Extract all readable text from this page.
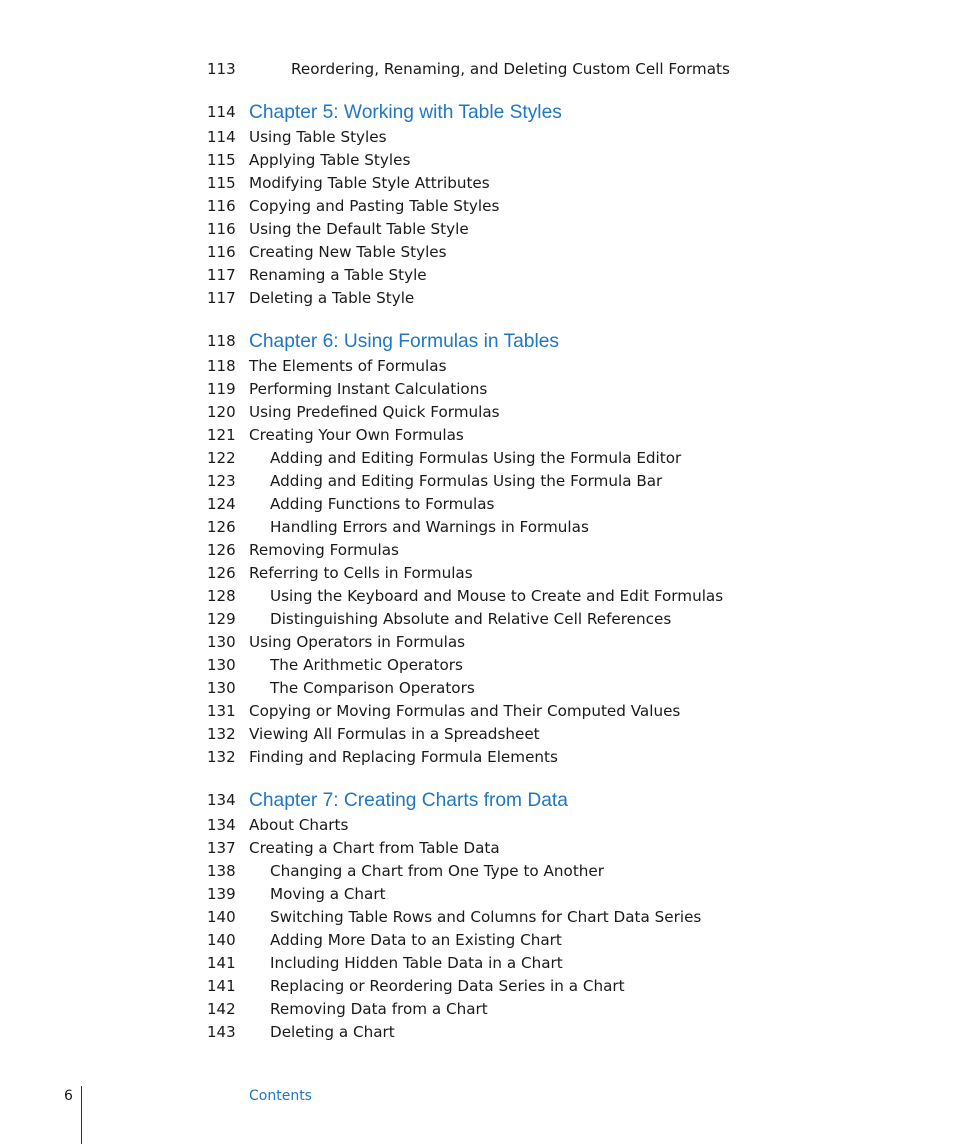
113	Reordering, Renaming, and Deleting Custom Cell Formats
114 Chapter 5: Working with Table Styles
114 Using Table Styles
115 Applying Table Styles
115 Modifying Table Style Attributes
116 Copying and Pasting Table Styles
116 Using the Default Table Style
116 Creating New Table Styles
117 Renaming a Table Style
117 Deleting a Table Style
118 Chapter 6: Using Formulas in Tables
118 The Elements of Formulas
119 Performing Instant Calculations
120 Using Predefined Quick Formulas
121 Creating Your Own Formulas
122	Adding and Editing Formulas Using the Formula Editor
123	Adding and Editing Formulas Using the Formula Bar
124	Adding Functions to Formulas
126	Handling Errors and Warnings in Formulas
126 Removing Formulas
126 Referring to Cells in Formulas
128	Using the Keyboard and Mouse to Create and Edit Formulas
129	Distinguishing Absolute and Relative Cell References
130 Using Operators in Formulas
130	The Arithmetic Operators
130	The Comparison Operators
131 Copying or Moving Formulas and Their Computed Values
132 Viewing All Formulas in a Spreadsheet
132 Finding and Replacing Formula Elements
134 Chapter 7: Creating Charts from Data
134 About Charts
137 Creating a Chart from Table Data
138	Changing a Chart from One Type to Another
139	Moving a Chart
140	Switching Table Rows and Columns for Chart Data Series
140	Adding More Data to an Existing Chart
141	Including Hidden Table Data in a Chart
141	Replacing or Reordering Data Series in a Chart
142	Removing Data from a Chart
143	Deleting a Chart
6	Contents
